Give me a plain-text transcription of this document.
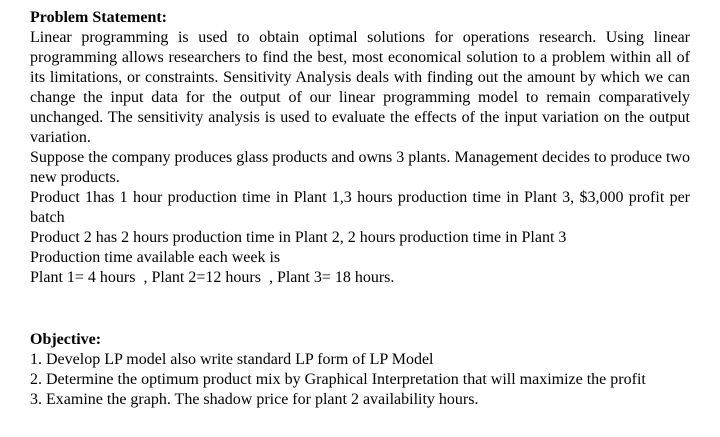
Problem Statement:

Linear programming is used to obtain optimal solutions for operations research. Using linear programming allows researchers to find the best, most economical solution to a problem within all of its limitations, or constraints. Sensitivity Analysis deals with finding out the amount by which we can change the input data for the output of our linear programming model to remain comparatively unchanged. The sensitivity analysis is used to evaluate the effects of the input variation on the output variation.

Suppose the company produces glass products and owns 3 plants. Management decides to produce two new products.

Product 1has 1 hour production time in Plant 1,3 hours production time in Plant 3, $3,000 profit per batch

Product 2 has 2 hours production time in Plant 2, 2 hours production time in Plant 3

Production time available each week is

Plant 1= 4 hours  , Plant 2=12 hours  , Plant 3= 18 hours.

Objective:

1. Develop LP model also write standard LP form of LP Model

2. Determine the optimum product mix by Graphical Interpretation that will maximize the profit

3. Examine the graph. The shadow price for plant 2 availability hours.
